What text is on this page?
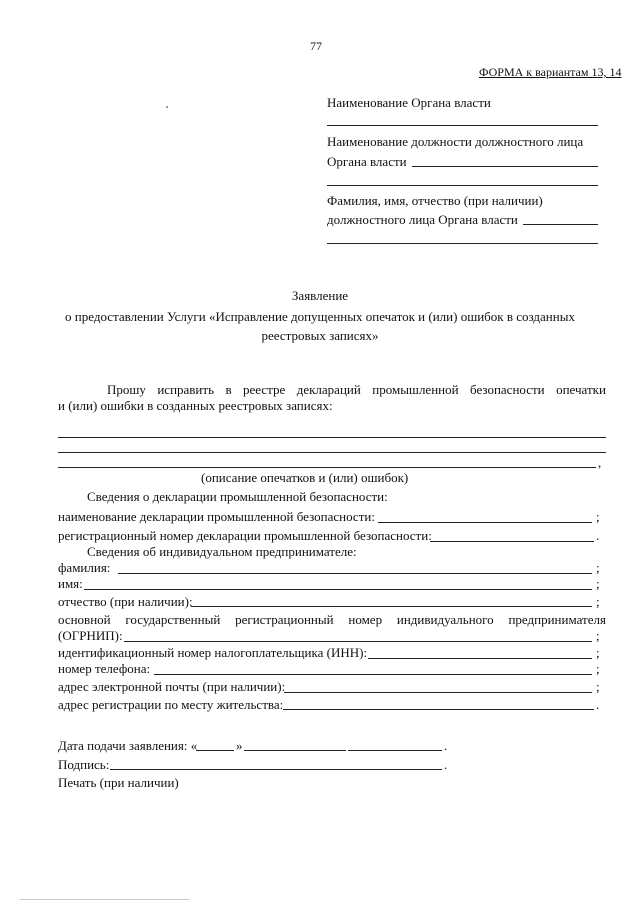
77
ФОРМА к вариантам 13, 14
Наименование Органа власти
Наименование должности должностного лица
Органа власти
Фамилия, имя, отчество (при наличии)
должностного лица Органа власти
Заявление
о предоставлении Услуги «Исправление допущенных опечаток и (или) ошибок в созданных
реестровых записях»
Прошу исправить в реестре деклараций промышленной безопасности опечатки
и (или) ошибки в созданных реестровых записях:
,
(описание опечатков и (или) ошибок)
Сведения о декларации промышленной безопасности:
наименование декларации промышленной безопасности:	;
регистрационный номер декларации промышленной безопасности:	.
Сведения об индивидуальном предпринимателе:
фамилия:	;
имя:	;
отчество (при наличии):	;
основной государственный регистрационный номер индивидуального предпринимателя
(ОГРНИП):	;
идентификационный номер налогоплательщика (ИНН):	;
номер телефона:	;
адрес электронной почты (при наличии):	;
адрес регистрации по месту жительства:	.
Дата подачи заявления: «	»	.
Подпись:	.
Печать (при наличии)
